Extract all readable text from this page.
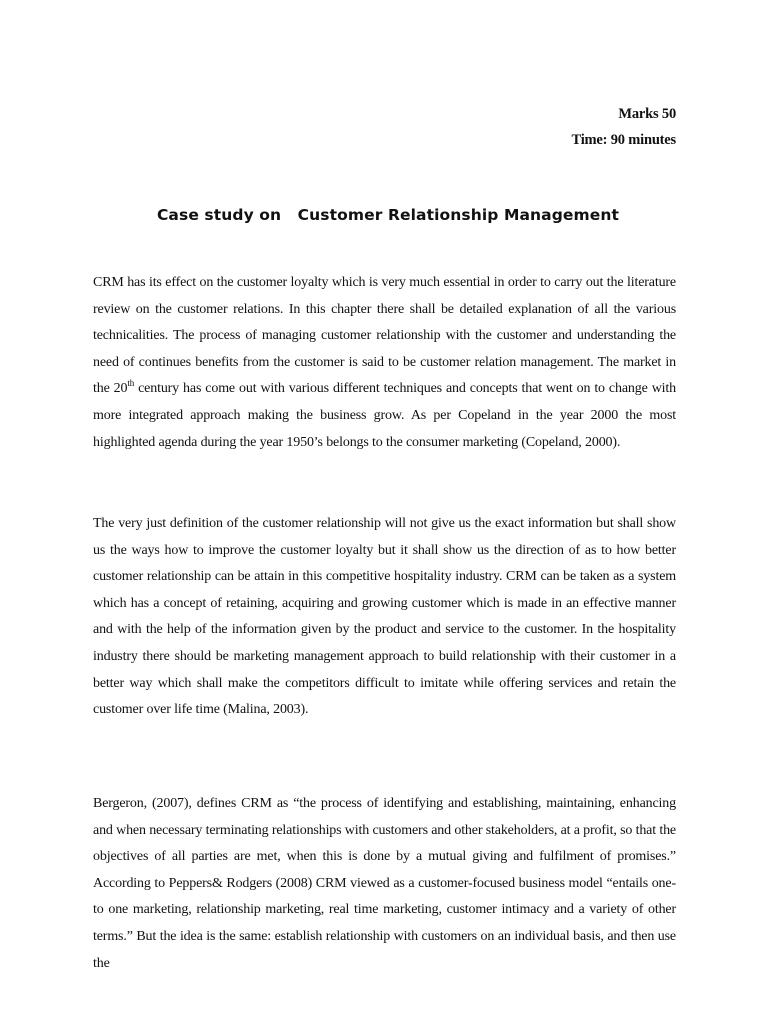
Marks 50
Time: 90 minutes
Case study on   Customer Relationship Management

CRM has its effect on the customer loyalty which is very much essential in order to carry out the literature review on the customer relations. In this chapter there shall be detailed explanation of all the various technicalities. The process of managing customer relationship with the customer and understanding the need of continues benefits from the customer is said to be customer relation management. The market in the 20th century has come out with various different techniques and concepts that went on to change with more integrated approach making the business grow. As per Copeland in the year 2000 the most highlighted agenda during the year 1950’s belongs to the consumer marketing (Copeland, 2000).

The very just definition of the customer relationship will not give us the exact information but shall show us the ways how to improve the customer loyalty but it shall show us the direction of as to how better customer relationship can be attain in this competitive hospitality industry. CRM can be taken as a system which has a concept of retaining, acquiring and growing customer which is made in an effective manner and with the help of the information given by the product and service to the customer. In the hospitality industry there should be marketing management approach to build relationship with their customer in a better way which shall make the competitors difficult to imitate while offering services and retain the customer over life time (Malina, 2003).

Bergeron, (2007), defines CRM as “the process of identifying and establishing, maintaining, enhancing and when necessary terminating relationships with customers and other stakeholders, at a profit, so that the objectives of all parties are met, when this is done by a mutual giving and fulfilment of promises.” According to Peppers& Rodgers (2008) CRM viewed as a customer-focused business model “entails one-to one marketing, relationship marketing, real time marketing, customer intimacy and a variety of other terms.” But the idea is the same: establish relationship with customers on an individual basis, and then use the
